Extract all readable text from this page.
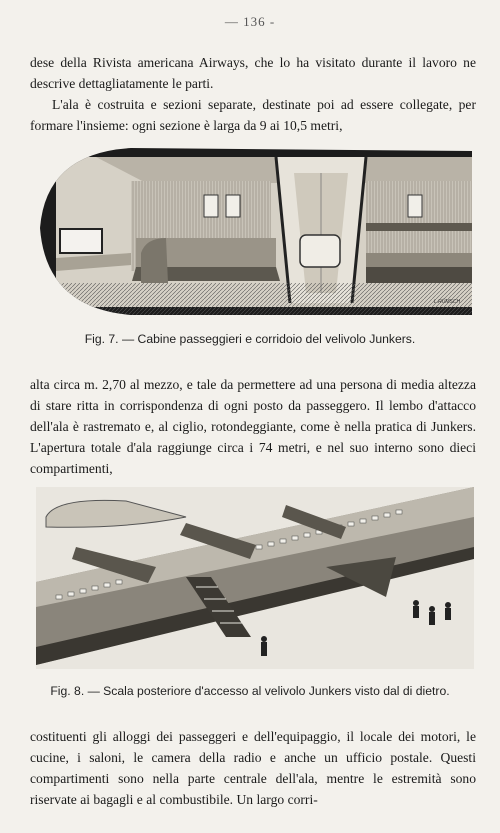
— 136 -

dese della Rivista americana Airways, che lo ha visitato durante il lavoro ne descrive dettagliatamente le parti.

L'ala è costruita e sezioni separate, destinate poi ad essere collegate, per formare l'insieme: ogni sezione è larga da 9 ai 10,5 metri,

L.RÜMSCH

Fig. 7. — Cabine passeggieri e corridoio del velivolo Junkers.

alta circa m. 2,70 al mezzo, e tale da permettere ad una persona di media altezza di stare ritta in corrispondenza di ogni posto da passeggero. Il lembo d'attacco dell'ala è rastremato e, al ciglio, rotondeggiante, come è nella pratica di Junkers. L'apertura totale d'ala raggiunge circa i 74 metri, e nel suo interno sono dieci compartimenti,

Fig. 8. — Scala posteriore d'accesso al velivolo Junkers visto dal di dietro.

costituenti gli alloggi dei passeggeri e dell'equipaggio, il locale dei motori, le cucine, i saloni, le camera della radio e anche un ufficio postale. Questi compartimenti sono nella parte centrale dell'ala, mentre le estremità sono riservate ai bagagli e al combustibile. Un largo corri-
